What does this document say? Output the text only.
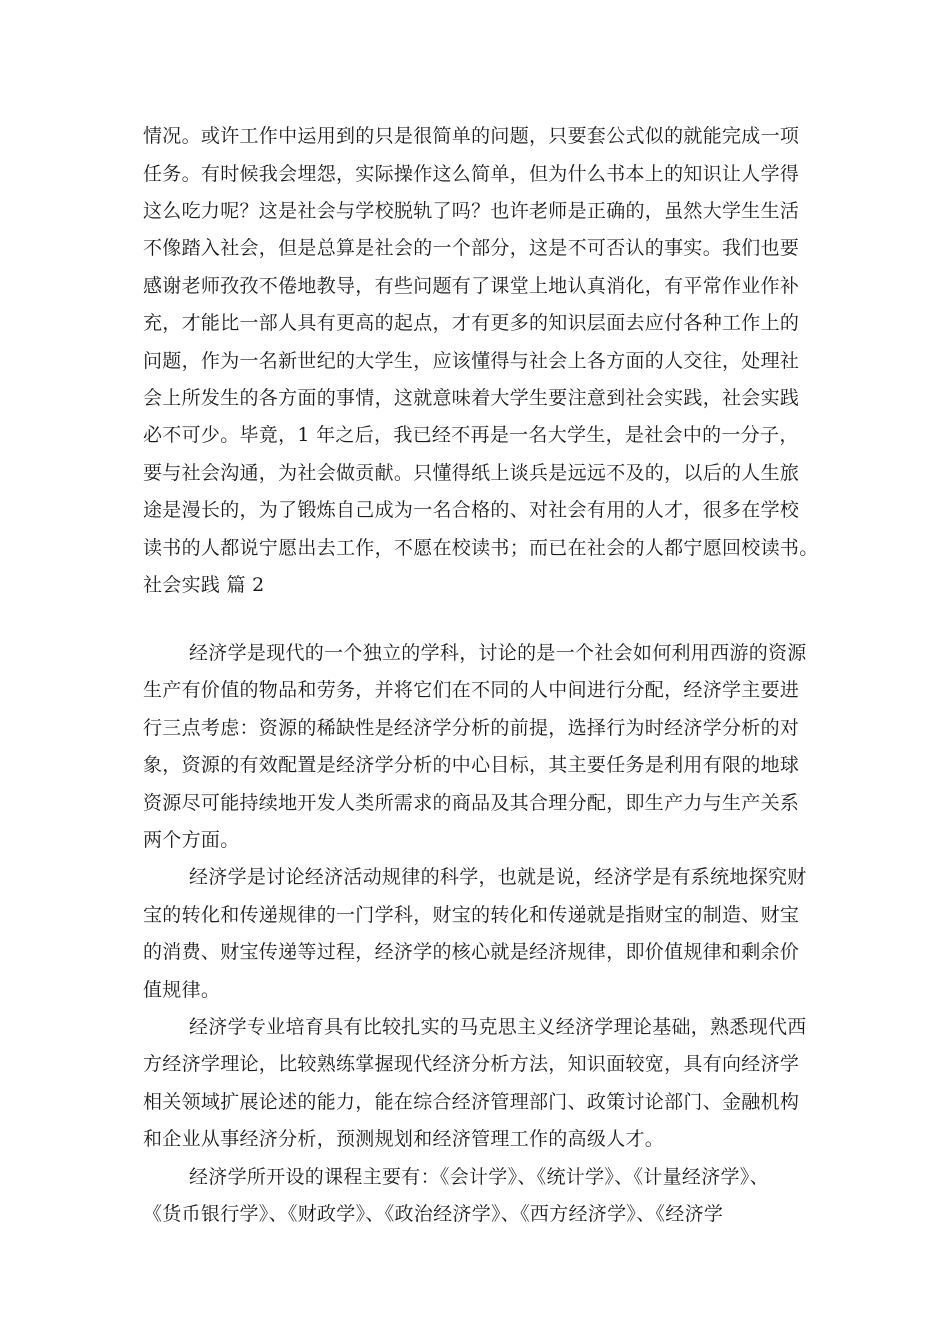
情况。或许工作中运用到的只是很简单的问题，只要套公式似的就能完成一项
任务。有时候我会埋怨，实际操作这么简单，但为什么书本上的知识让人学得
这么吃力呢？这是社会与学校脱轨了吗？也许老师是正确的，虽然大学生生活
不像踏入社会，但是总算是社会的一个部分，这是不可否认的事实。我们也要
感谢老师孜孜不倦地教导，有些问题有了课堂上地认真消化，有平常作业作补
充，才能比一部人具有更高的起点，才有更多的知识层面去应付各种工作上的
问题，作为一名新世纪的大学生，应该懂得与社会上各方面的人交往，处理社
会上所发生的各方面的事情，这就意味着大学生要注意到社会实践，社会实践
必不可少。毕竟，1 年之后，我已经不再是一名大学生，是社会中的一分子，
要与社会沟通，为社会做贡献。只懂得纸上谈兵是远远不及的，以后的人生旅
途是漫长的，为了锻炼自己成为一名合格的、对社会有用的人才，很多在学校
读书的人都说宁愿出去工作，不愿在校读书；而已在社会的人都宁愿回校读书。
社会实践 篇 2
经济学是现代的一个独立的学科，讨论的是一个社会如何利用西游的资源
生产有价值的物品和劳务，并将它们在不同的人中间进行分配，经济学主要进
行三点考虑：资源的稀缺性是经济学分析的前提，选择行为时经济学分析的对
象，资源的有效配置是经济学分析的中心目标，其主要任务是利用有限的地球
资源尽可能持续地开发人类所需求的商品及其合理分配，即生产力与生产关系
两个方面。
经济学是讨论经济活动规律的科学，也就是说，经济学是有系统地探究财
宝的转化和传递规律的一门学科，财宝的转化和传递就是指财宝的制造、财宝
的消费、财宝传递等过程，经济学的核心就是经济规律，即价值规律和剩余价
值规律。
经济学专业培育具有比较扎实的马克思主义经济学理论基础，熟悉现代西
方经济学理论，比较熟练掌握现代经济分析方法，知识面较宽，具有向经济学
相关领域扩展论述的能力，能在综合经济管理部门、政策讨论部门、金融机构
和企业从事经济分析，预测规划和经济管理工作的高级人才。
经济学所开设的课程主要有：《会计学》、《统计学》、《计量经济学》、
《货币银行学》、《财政学》、《政治经济学》、《西方经济学》、《经济学
